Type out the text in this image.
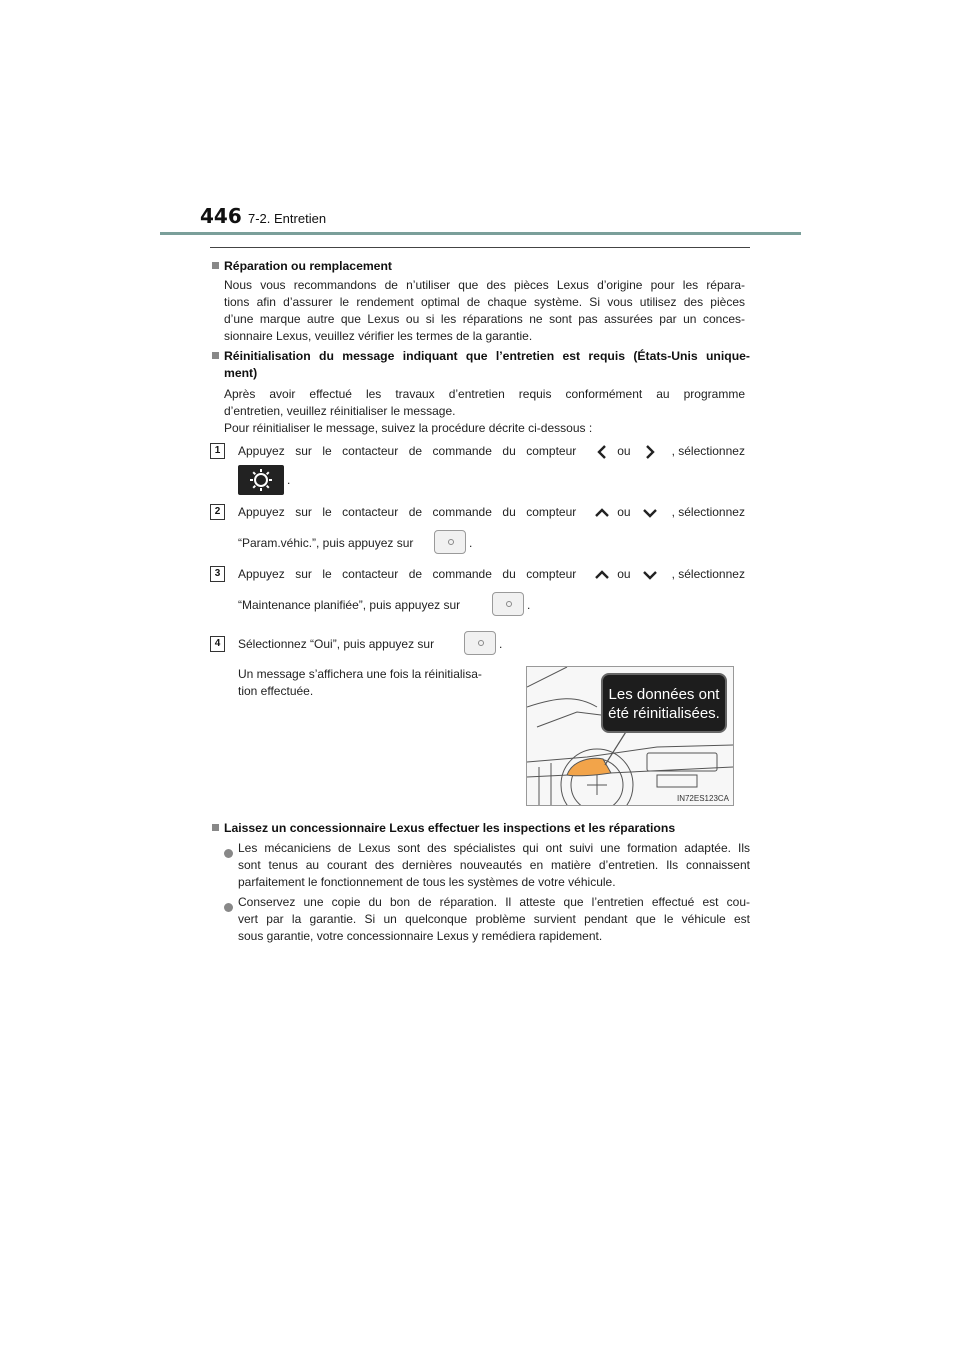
446 7-2. Entretien
Réparation ou remplacement
Nous vous recommandons de n’utiliser que des pièces Lexus d’origine pour les répara-
tions afin d’assurer le rendement optimal de chaque système. Si vous utilisez des pièces
d’une marque autre que Lexus ou si les réparations ne sont pas assurées par un conces-
sionnaire Lexus, veuillez vérifier les termes de la garantie.
Réinitialisation du message indiquant que l’entretien est requis (États-Unis unique-
ment)
Après avoir effectué les travaux d’entretien requis conformément au programme
d’entretien, veuillez réinitialiser le message.
Pour réinitialiser le message, suivez la procédure décrite ci-dessous :
1	Appuyez sur le contacteur de commande du compteur	ou	, sélectionnez
.
2	Appuyez sur le contacteur de commande du compteur	ou	, sélectionnez
“Param.véhic.”, puis appuyez sur	.
3	Appuyez sur le contacteur de commande du compteur	ou	, sélectionnez
“Maintenance planifiée”, puis appuyez sur	.
4	Sélectionnez “Oui”, puis appuyez sur	.
Un message s’affichera une fois la réinitialisa-
tion effectuée.	Les données ont
été réinitialisées.
IN72ES123CA
Laissez un concessionnaire Lexus effectuer les inspections et les réparations
Les mécaniciens de Lexus sont des spécialistes qui ont suivi une formation adaptée. Ils
sont tenus au courant des dernières nouveautés en matière d’entretien. Ils connaissent
parfaitement le fonctionnement de tous les systèmes de votre véhicule.
Conservez une copie du bon de réparation. Il atteste que l’entretien effectué est cou-
vert par la garantie. Si un quelconque problème survient pendant que le véhicule est
sous garantie, votre concessionnaire Lexus y remédiera rapidement.
